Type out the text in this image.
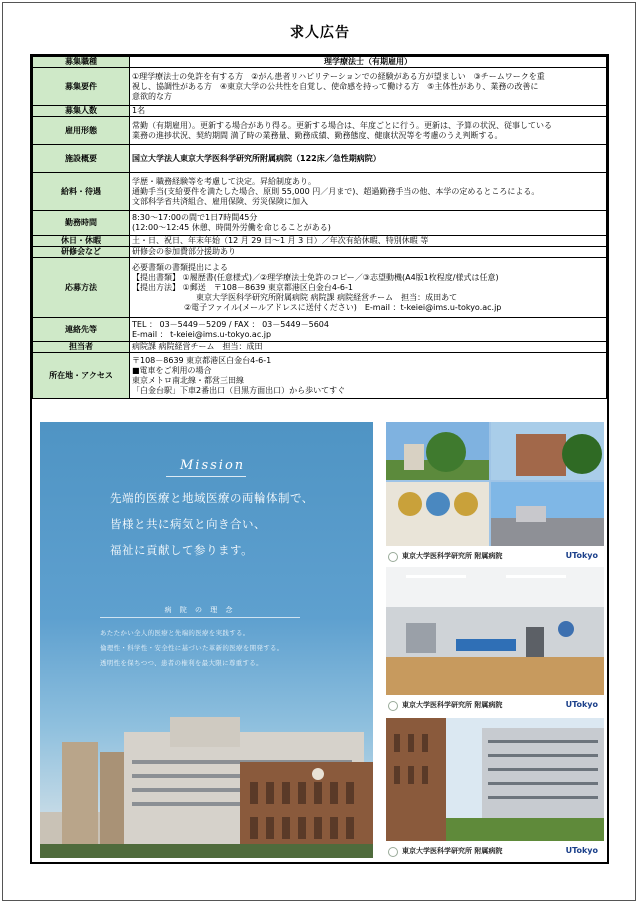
求人広告
募集職種	理学療法士（有期雇用）
募集要件	①理学療法士の免許を有する方　②がん患者リハビリテーションでの経験がある方が望ましい　③チームワークを重
視し、協調性がある方　④東京大学の公共性を自覚し、使命感を持って働ける方　⑤主体性があり、業務の改善に
意欲的な方

募集人数	1名
雇用形態	常勤（有期雇用）。更新する場合があり得る。更新する場合は、年度ごとに行う。更新は、予算の状況、従事している
業務の進捗状況、契約期間 満了時の業務量、勤務成績、勤務態度、健康状況等を考慮のうえ判断する。

施設概要	国立大学法人東京大学医科学研究所附属病院（122床／急性期病院）
給料・待遇	学歴・職務経験等を考慮して決定。昇給制度あり。
通勤手当(支給要件を満たした場合、原則 55,000 円／月まで)、超過勤務手当の他、本学の定めるところによる。
文部科学省共済組合、雇用保険、労災保険に加入

勤務時間	8:30～17:00の間で1日7時間45分
(12:00～12:45 休憩、時間外労働を命じることがある)

休日・休暇	土・日、祝日、年末年始（12 月 29 日～1 月 3 日）／年次有給休暇、特別休暇 等
研修会など	研修会の参加費部分援助あり
応募方法	必要書類の書類提出による
【提出書類】 ①履歴書(任意様式)／②理学療法士免許のコピー／③志望動機(A4版1枚程度/様式は任意)
【提出方法】 ①郵送　〒108－8639 東京都港区白金台4-6-1
東京大学医科学研究所附属病院 病院課 病院経営チーム　担当：成田あて
②電子ファイル(メールアドレスに送付ください)　E-mail ：t-keiei@ims.u-tokyo.ac.jp

連絡先等	TEL ： 03－5449－5209 / FAX ： 03－5449－5604
E-mail ： t-keiei@ims.u-tokyo.ac.jp

担当者	病院課 病院経営チーム　担当：成田
所在地・アクセス	〒108－8639 東京都港区白金台4-6-1
■電車をご利用の場合
東京メトロ南北線・都営三田線
「白金台駅」下車2番出口（目黒方面出口）から歩いてすぐ
Mission
先端的医療と地域医療の両輪体制で、
皆様と共に病気と向き合い、
福祉に貢献して参ります。
病 院 の 理 念
あたたかい全人的医療と先端的医療を実践する。
倫理性・科学性・安全性に基づいた革新的医療を開発する。
透明性を保ちつつ、患者の権利を最大限に尊重する。
東京大学医科学研究所 附属病院	UTokyo
東京大学医科学研究所 附属病院	UTokyo
東京大学医科学研究所 附属病院	UTokyo
